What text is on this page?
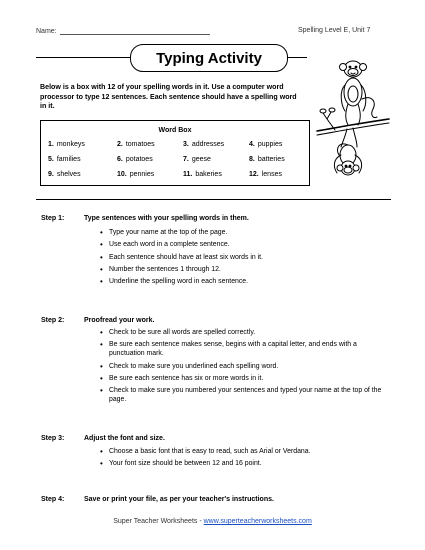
Name:	Spelling Level E, Unit 7
Typing Activity
Below is a box with 12 of your spelling words in it. Use a computer word processor to type 12 sentences. Each sentence should have a spelling word in it.
Word Box
1. monkeys	2. tomatoes	3. addresses	4. puppies
5. families	6. potatoes	7. geese	8. batteries
9. shelves	10. pennies	11. bakeries	12. lenses
Step 1:	Type sentences with your spelling words in them.
• Type your name at the top of the page.
• Use each word in a complete sentence.
• Each sentence should have at least six words in it.
• Number the sentences 1 through 12.
• Underline the spelling word in each sentence.
Step 2:	Proofread your work.
• Check to be sure all words are spelled correctly.
• Be sure each sentence makes sense, begins with a capital letter, and ends with a punctuation mark.
• Check to make sure you underlined each spelling word.
• Be sure each sentence has six or more words in it.
• Check to make sure you numbered your sentences and typed your name at the top of the page.
Step 3:	Adjust the font and size.
• Choose a basic font that is easy to read, such as Arial or Verdana.
• Your font size should be between 12 and 16 point.
Step 4:	Save or print your file, as per your teacher's instructions.
Super Teacher Worksheets - www.superteacherworksheets.com
